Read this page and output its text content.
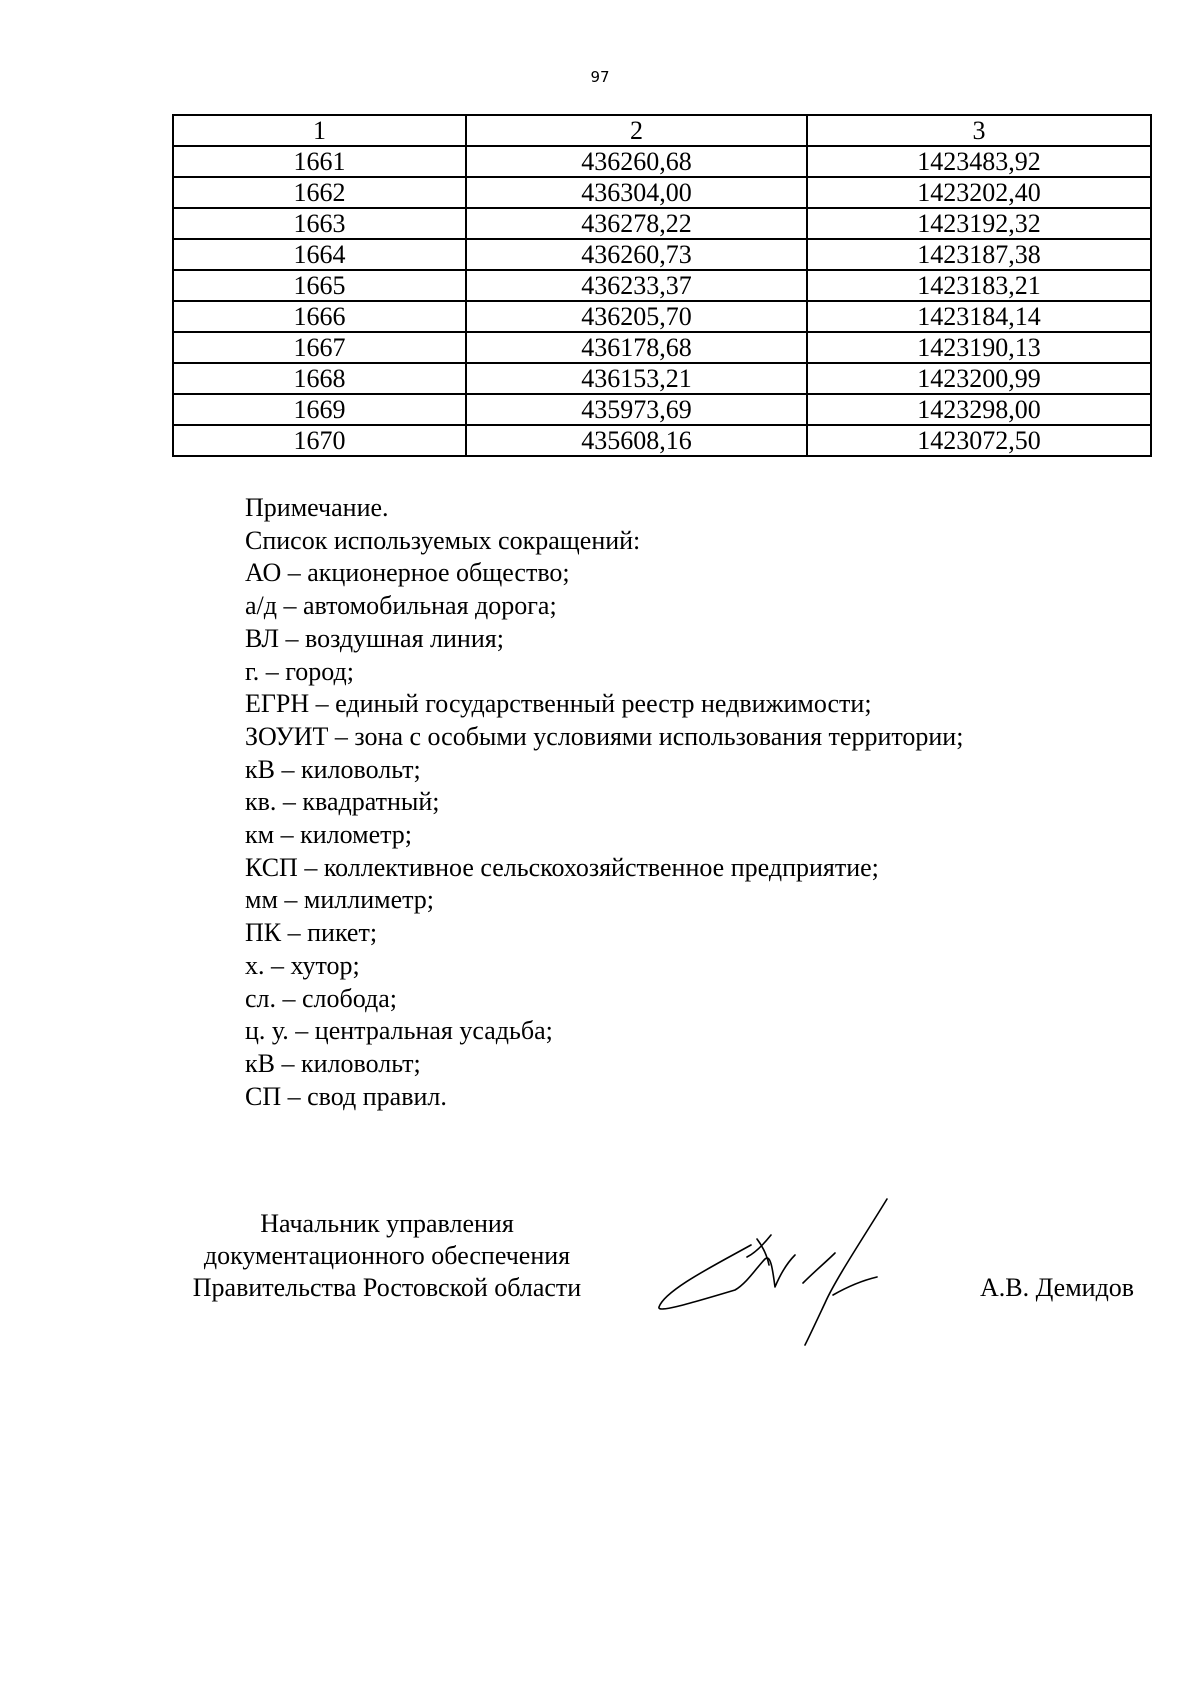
97
1	2	3
1661	436260,68	1423483,92
1662	436304,00	1423202,40
1663	436278,22	1423192,32
1664	436260,73	1423187,38
1665	436233,37	1423183,21
1666	436205,70	1423184,14
1667	436178,68	1423190,13
1668	436153,21	1423200,99
1669	435973,69	1423298,00
1670	435608,16	1423072,50
Примечание.
Список используемых сокращений:
АО – акционерное общество;
а/д – автомобильная дорога;
ВЛ – воздушная линия;
г. – город;
ЕГРН – единый государственный реестр недвижимости;
ЗОУИТ – зона с особыми условиями использования территории;
кВ – киловольт;
кв. – квадратный;
км – километр;
КСП – коллективное сельскохозяйственное предприятие;
мм – миллиметр;
ПК – пикет;
х. – хутор;
сл. – слобода;
ц. у. – центральная усадьба;
кВ – киловольт;
СП – свод правил.
Начальник управления
документационного обеспечения
Правительства Ростовской области	А.В. Демидов
